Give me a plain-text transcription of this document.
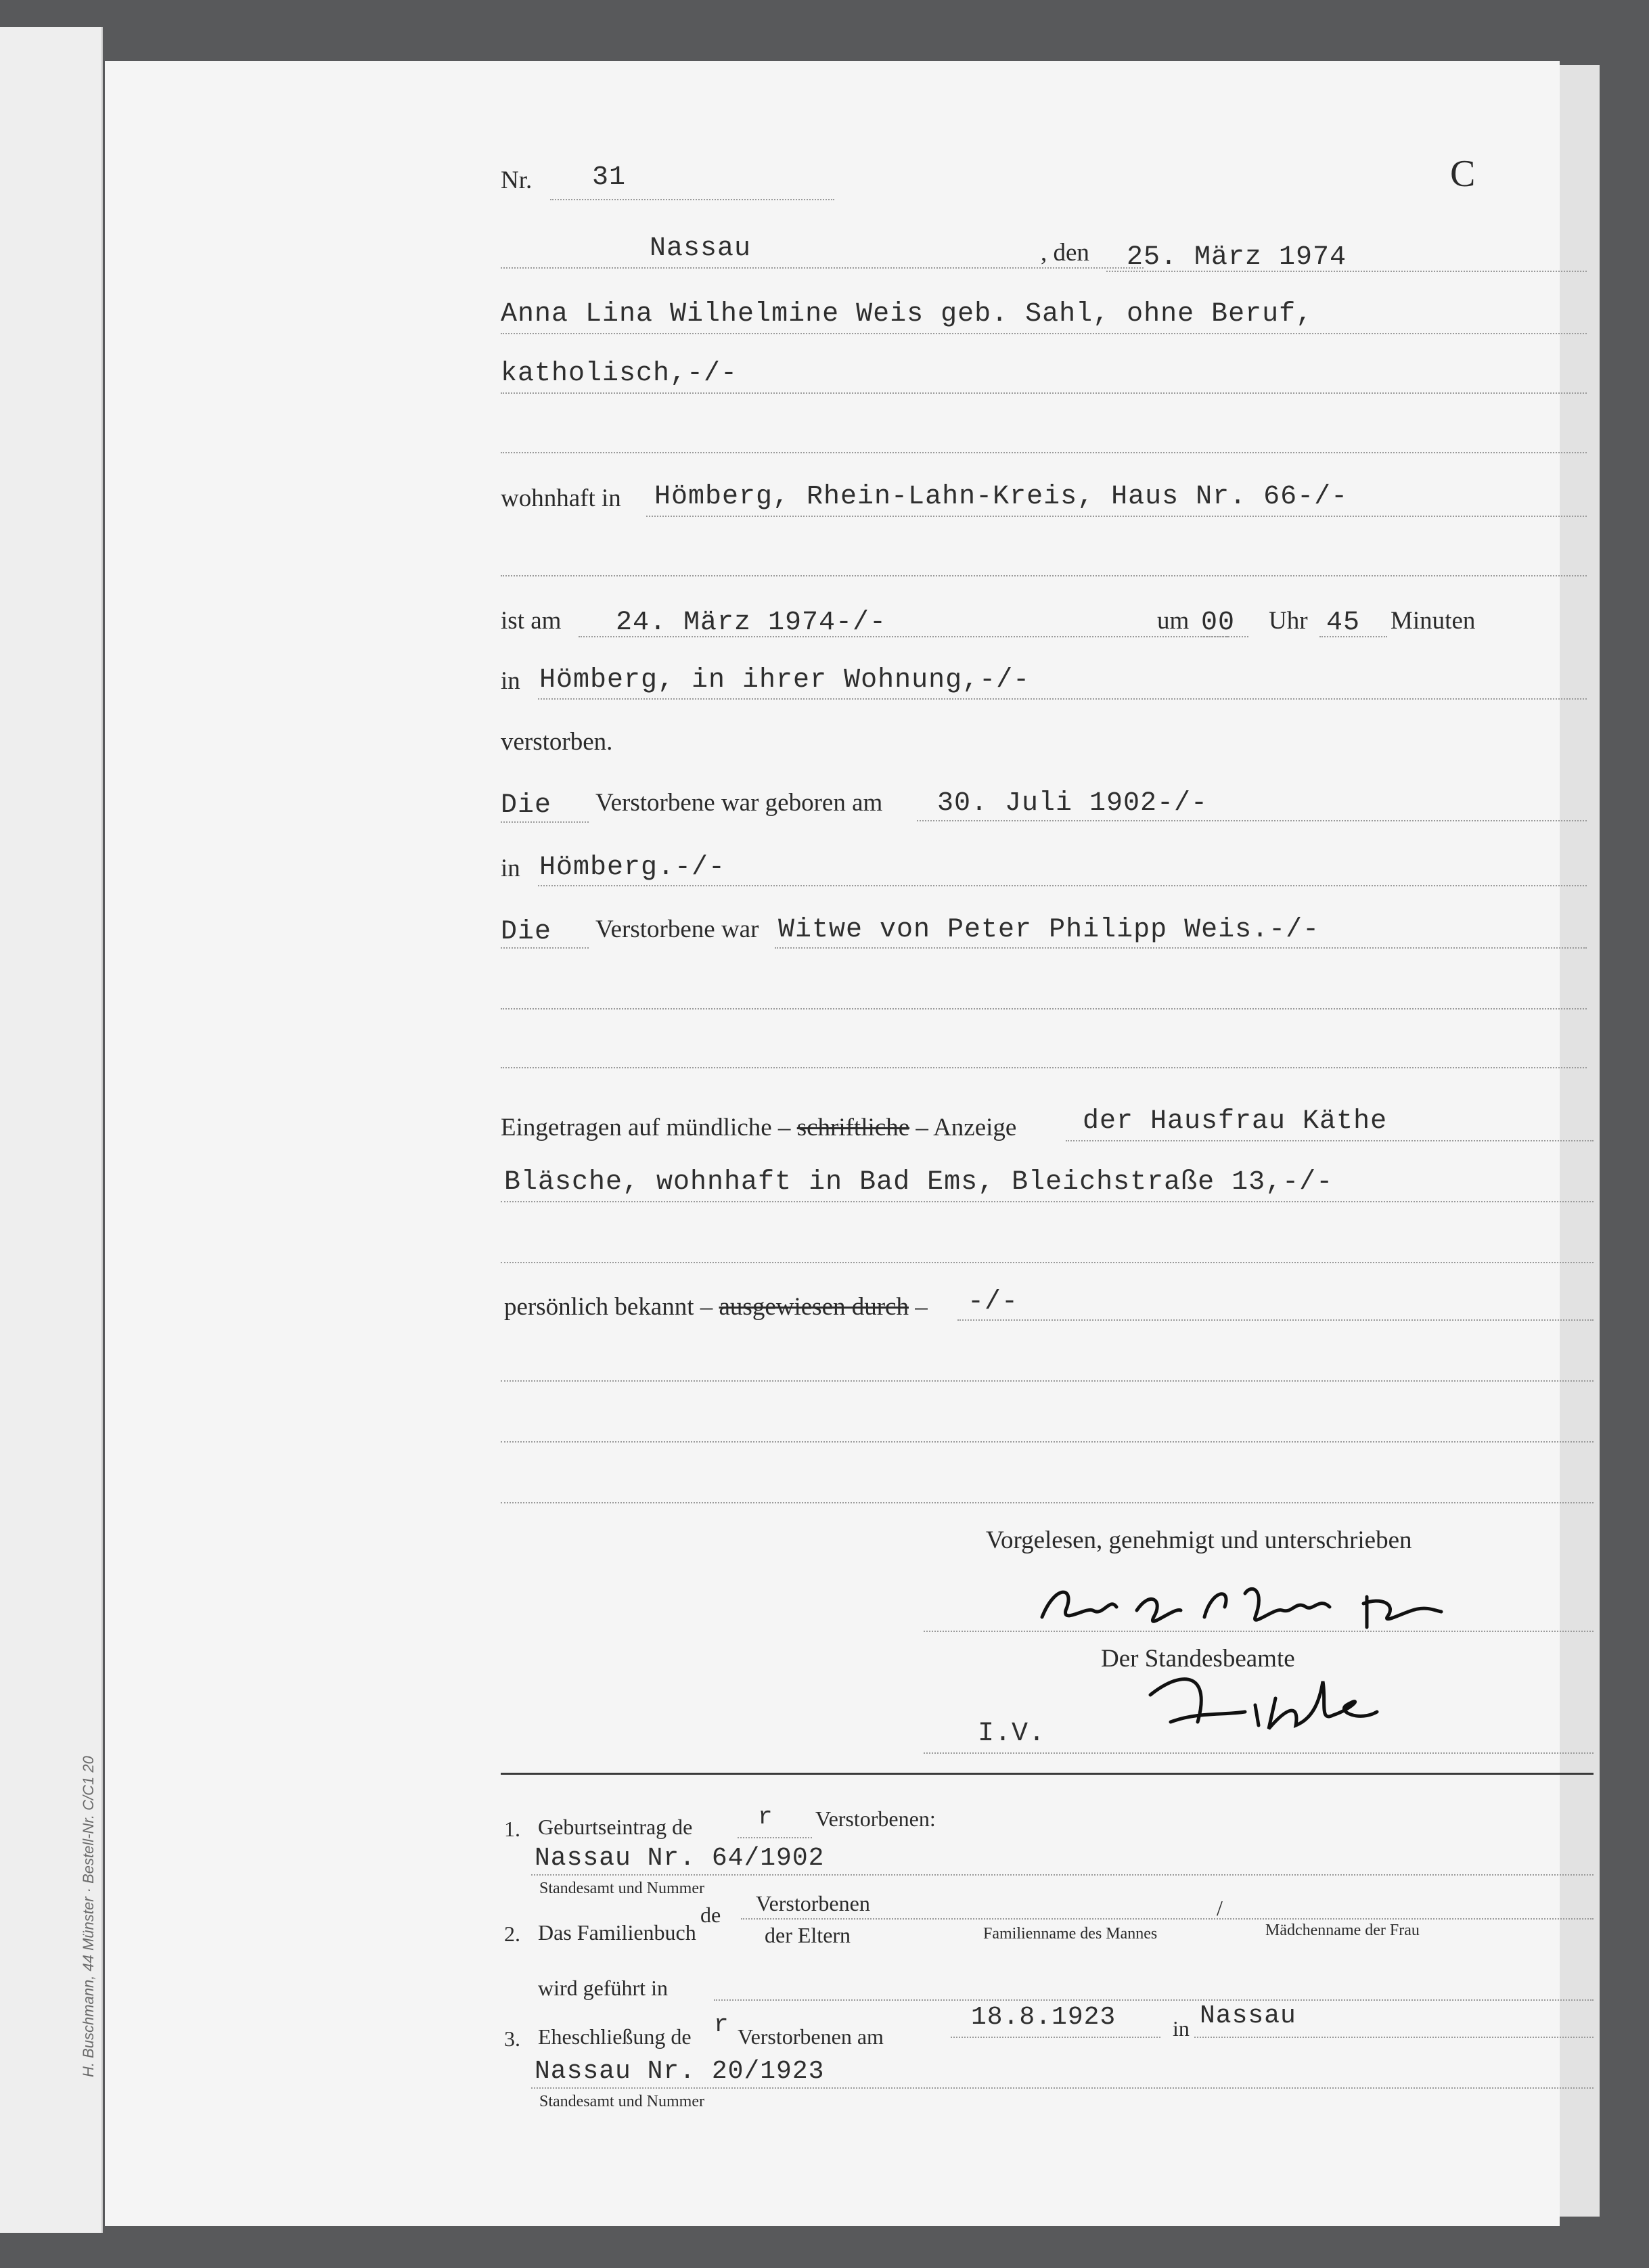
H. Buschmann, 44 Münster · Bestell-Nr. C/C1 20
Nr. 31	C
Nassau	, den 25. März 1974
Anna Lina Wilhelmine Weis geb. Sahl, ohne Beruf,
katholisch,-/-
wohnhaft in Hömberg, Rhein-Lahn-Kreis, Haus Nr. 66-/-
ist am 24. März 1974-/-	um 00 Uhr 45 Minuten
in Hömberg, in ihrer Wohnung,-/-
verstorben.
Die Verstorbene war geboren am 30. Juli 1902-/-
in Hömberg.-/-
Die Verstorbene war Witwe von Peter Philipp Weis.-/-
Eingetragen auf mündliche – schriftliche – Anzeige der Hausfrau Käthe
Bläsche, wohnhaft in Bad Ems, Bleichstraße 13,-/-
persönlich bekannt – ausgewiesen durch – -/-
Vorgelesen, genehmigt und unterschrieben
Der Standesbeamte
I.V.
1. Geburtseintrag de	r Verstorbenen:
Nassau Nr. 64/1902
Standesamt und Nummer
2. Das Familienbuch
de Verstorbenen
der Eltern
/
Familienname des Mannes	Mädchenname der Frau
wird geführt in
3. Eheschließung de r Verstorbenen am
18.8.1923	in Nassau
Nassau Nr. 20/1923
Standesamt und Nummer
